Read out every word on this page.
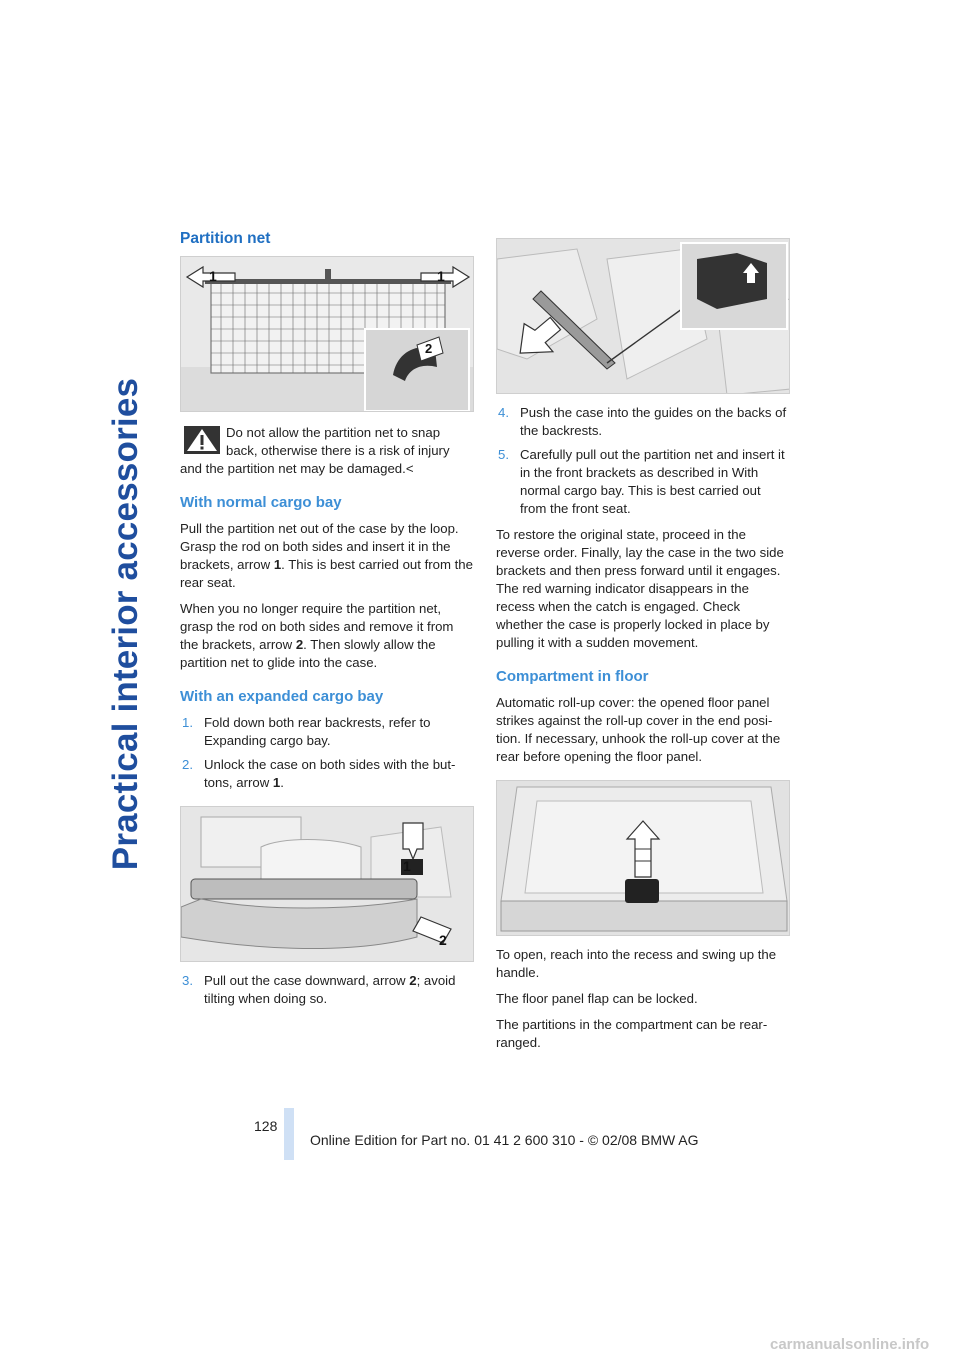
Practical interior accessories
Partition net
1	1
2
Do not allow the partition net to snap back, otherwise there is a risk of injury and the partition net may be damaged.<
With normal cargo bay

Pull the partition net out of the case by the loop. Grasp the rod on both sides and insert it in the brackets, arrow 1. This is best carried out from the rear seat.

When you no longer require the partition net, grasp the rod on both sides and remove it from the brackets, arrow 2. Then slowly allow the partition net to glide into the case.

With an expanded cargo bay
1. Fold down both rear backrests, refer to Expanding cargo bay.
2. Unlock the case on both sides with the buttons, arrow 1.
1
2
3. Pull out the case downward, arrow 2; avoid tilting when doing so.
4. Push the case into the guides on the backs of the backrests.
5. Carefully pull out the partition net and insert it in the front brackets as described in With normal cargo bay. This is best carried out from the front seat.

To restore the original state, proceed in the reverse order. Finally, lay the case in the two side brackets and then press forward until it engages. The red warning indicator disappears in the recess when the catch is engaged. Check whether the case is properly locked in place by pulling it with a sudden movement.

Compartment in floor

Automatic roll-up cover: the opened floor panel strikes against the roll-up cover in the end position. If necessary, unhook the roll-up cover at the rear before opening the floor panel.

To open, reach into the recess and swing up the handle.

The floor panel flap can be locked.

The partitions in the compartment can be rearranged.

128
Online Edition for Part no. 01 41 2 600 310 - © 02/08 BMW AG
carmanualsonline.info
